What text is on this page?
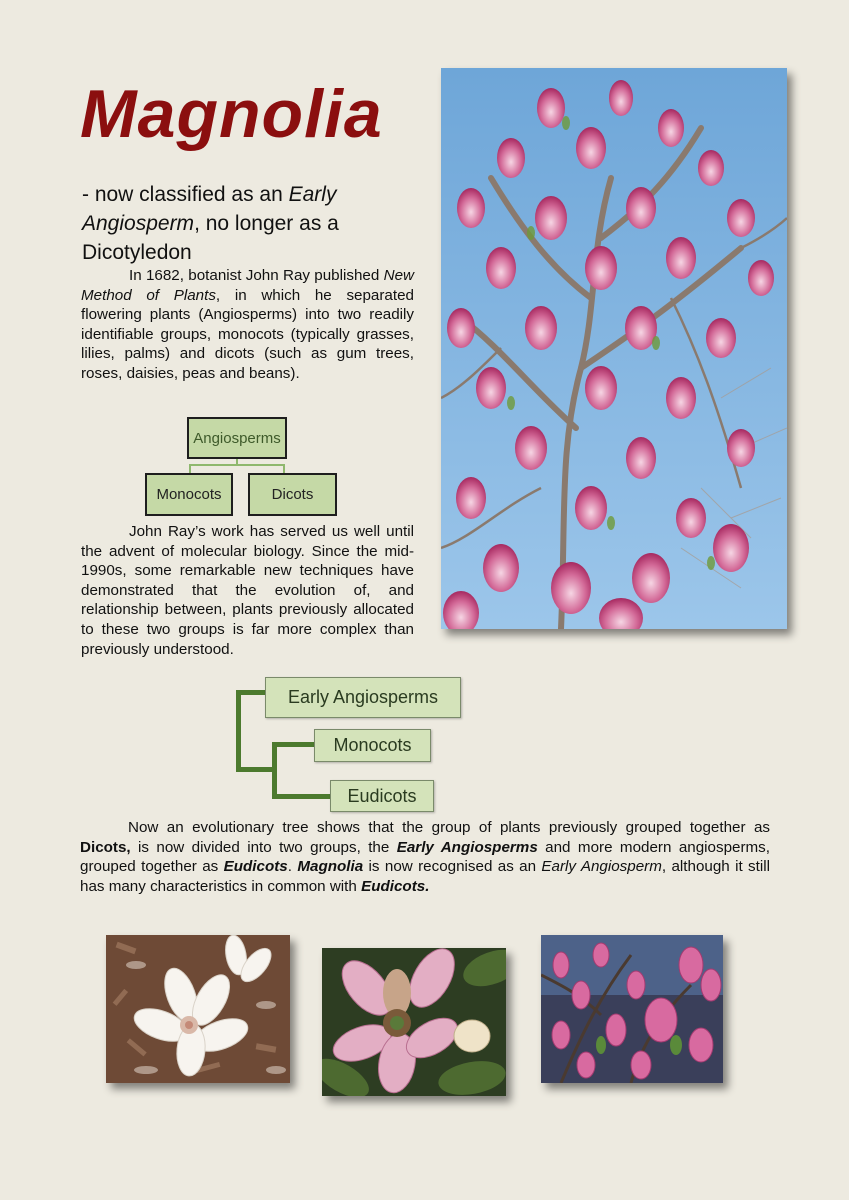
Magnolia

- now classified as an Early Angiosperm, no longer as a Dicotyledon

In 1682, botanist John Ray published New Method of Plants, in which he separated flowering plants (Angiosperms) into two readily identifiable groups, monocots (typically grasses, lilies, palms) and dicots (such as gum trees, roses, daisies, peas and beans).

Angiosperms
Monocots	Dicots

John Ray’s work has served us well until the advent of molecular biology. Since the mid-1990s, some remarkable new techniques have demonstrated that the evolution of, and relationship between, plants previously allocated to these two groups is far more complex than previously understood.

Early Angiosperms
Monocots
Eudicots

Now an evolutionary tree shows that the group of plants previously grouped together as Dicots, is now divided into two groups, the Early Angiosperms and more modern angiosperms, grouped together as Eudicots. Magnolia is now recognised as an Early Angiosperm, although it still has many characteristics in common with Eudicots.
